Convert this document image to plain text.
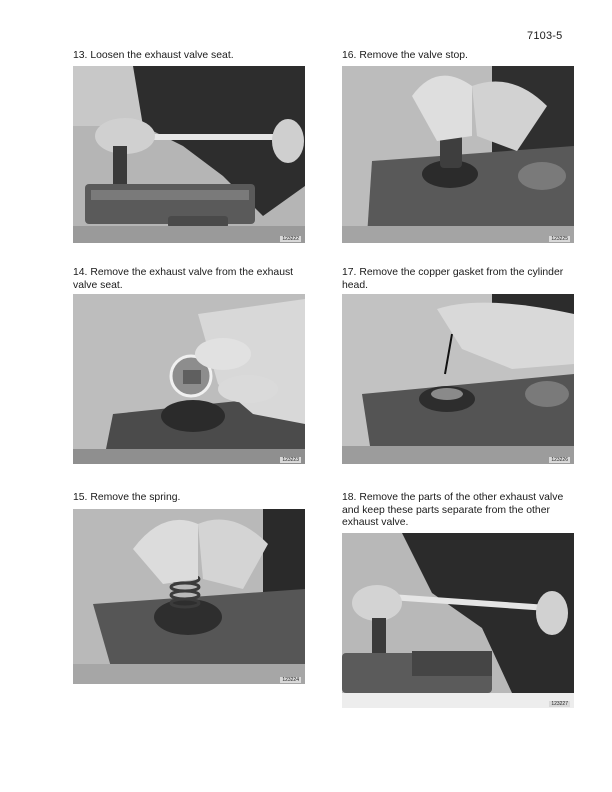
7103-5

13. Loosen the exhaust valve seat.

123222

14. Remove the exhaust valve from the exhaust valve seat.

123223

15. Remove the spring.

123224

16. Remove the valve stop.

123225

17. Remove the copper gasket from the cylinder head.

123226

18. Remove the parts of the other exhaust valve and keep these parts separate from the other exhaust valve.

123227
